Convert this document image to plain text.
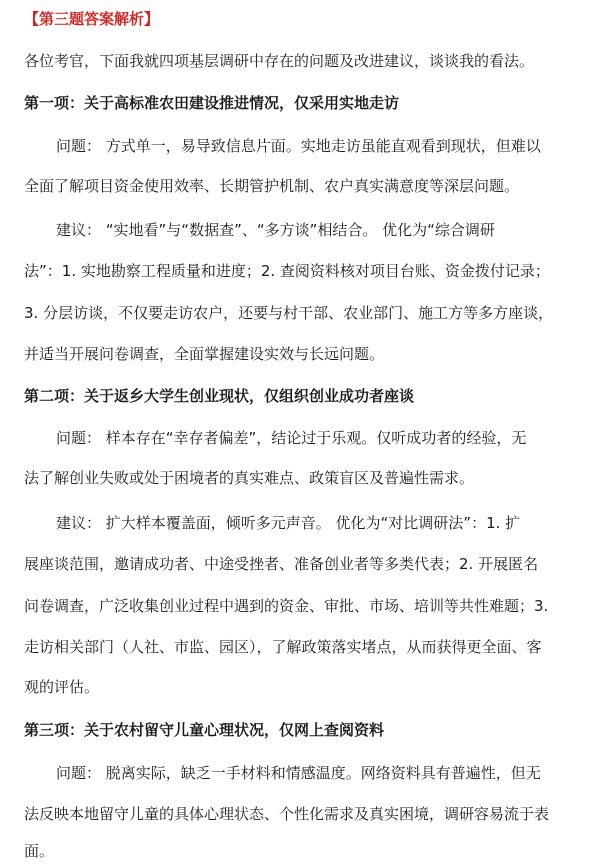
【第三题答案解析】
各位考官，下面我就四项基层调研中存在的问题及改进建议，谈谈我的看法。
第一项：关于高标准农田建设推进情况，仅采用实地走访
问题： 方式单一，易导致信息片面。实地走访虽能直观看到现状，但难以
全面了解项目资金使用效率、长期管护机制、农户真实满意度等深层问题。
建议： “实地看”与“数据查”、“多方谈”相结合。 优化为“综合调研
法”：1. 实地勘察工程质量和进度；2. 查阅资料核对项目台账、资金拨付记录；
3. 分层访谈，不仅要走访农户，还要与村干部、农业部门、施工方等多方座谈，
并适当开展问卷调查，全面掌握建设实效与长远问题。
第二项：关于返乡大学生创业现状，仅组织创业成功者座谈
问题： 样本存在“幸存者偏差”，结论过于乐观。仅听成功者的经验，无
法了解创业失败或处于困境者的真实难点、政策盲区及普遍性需求。
建议： 扩大样本覆盖面，倾听多元声音。 优化为“对比调研法”：1. 扩
展座谈范围，邀请成功者、中途受挫者、准备创业者等多类代表；2. 开展匿名
问卷调查，广泛收集创业过程中遇到的资金、审批、市场、培训等共性难题；3.
走访相关部门（人社、市监、园区），了解政策落实堵点，从而获得更全面、客
观的评估。
第三项：关于农村留守儿童心理状况，仅网上查阅资料
问题： 脱离实际，缺乏一手材料和情感温度。网络资料具有普遍性，但无
法反映本地留守儿童的具体心理状态、个性化需求及真实困境，调研容易流于表
面。
